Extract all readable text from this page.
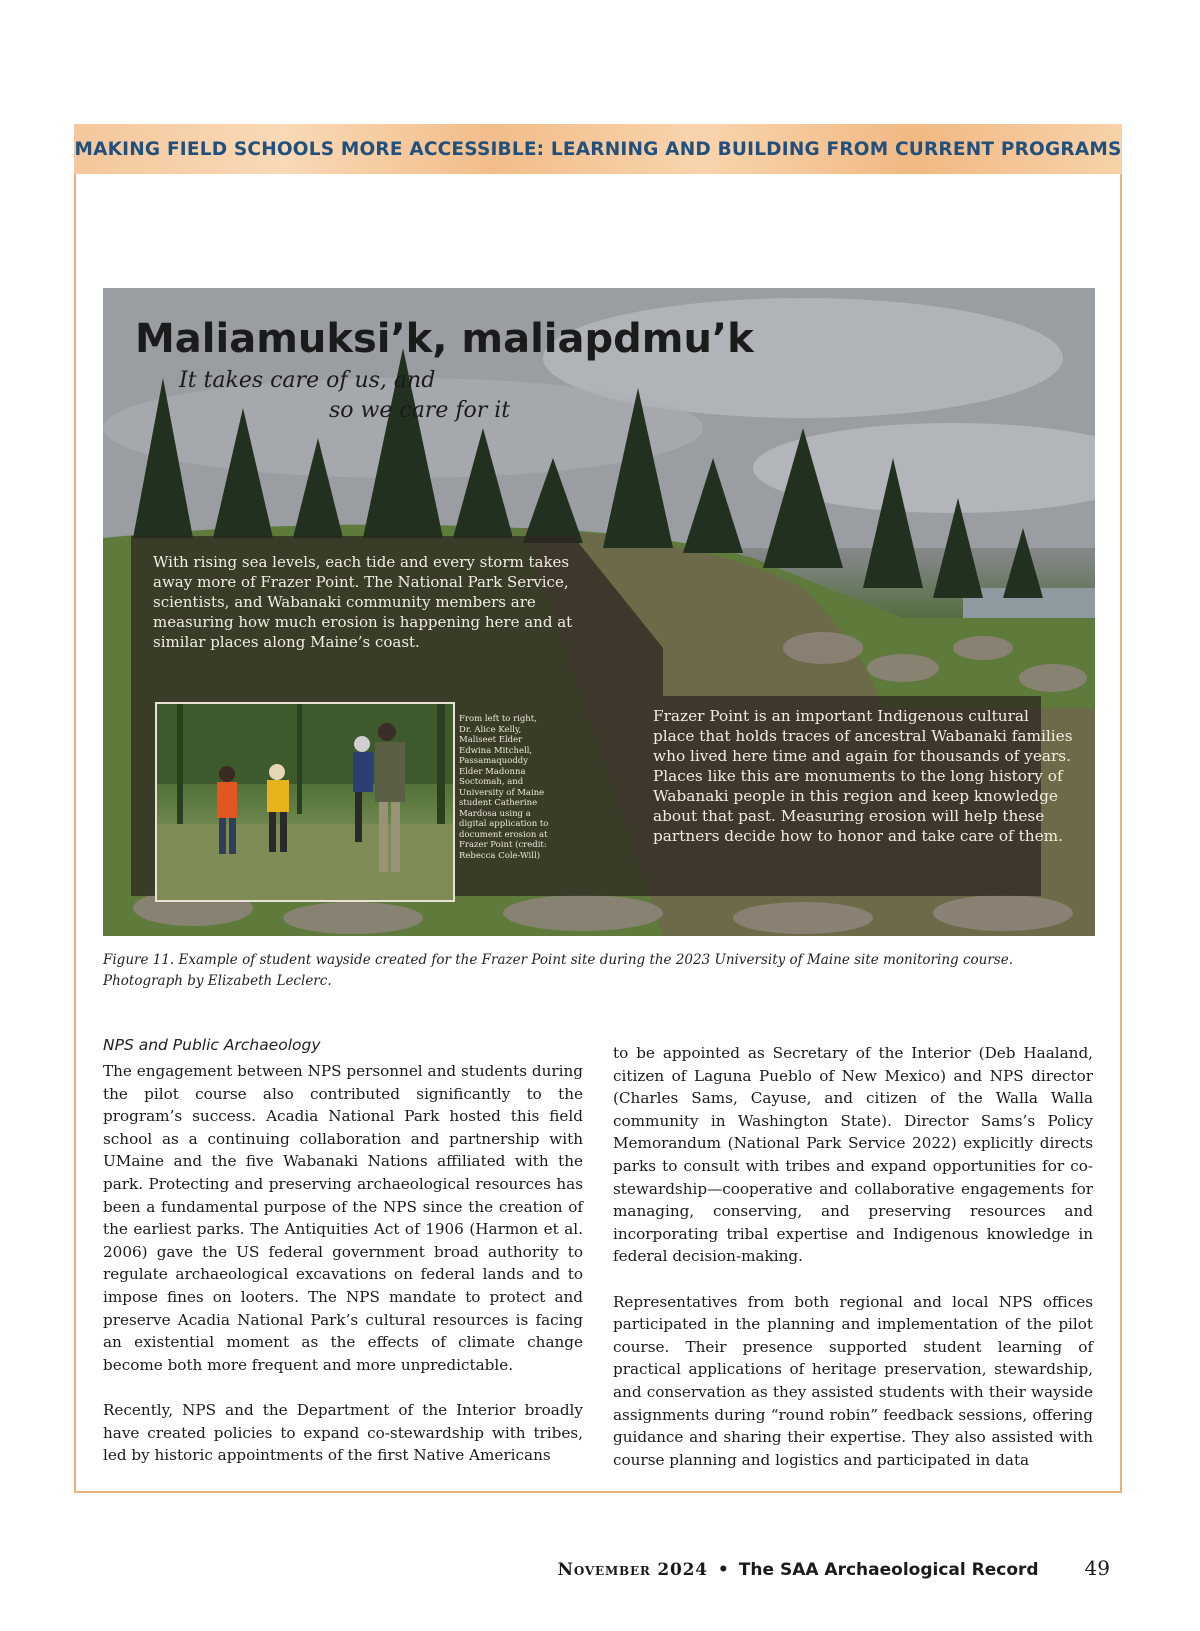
MAKING FIELD SCHOOLS MORE ACCESSIBLE: LEARNING AND BUILDING FROM CURRENT PROGRAMS
Maliamuksi’k, maliapdmu’k
It takes care of us, and
so we care for it
With rising sea levels, each tide and every storm takes away more of Frazer Point. The National Park Service, scientists, and Wabanaki community members are measuring how much erosion is happening here and at similar places along Maine’s coast.
From left to right, Dr. Alice Kelly, Maliseet Elder Edwina Mitchell, Passamaquoddy Elder Madonna Soctomah, and University of Maine student Catherine Mardosa using a digital application to document erosion at Frazer Point (credit: Rebecca Cole-Will)
Frazer Point is an important Indigenous cultural place that holds traces of ancestral Wabanaki families who lived here time and again for thousands of years. Places like this are monuments to the long history of Wabanaki people in this region and keep knowledge about that past. Measuring erosion will help these partners decide how to honor and take care of them.
Figure 11. Example of student wayside created for the Frazer Point site during the 2023 University of Maine site monitoring course. Photograph by Elizabeth Leclerc.
NPS and Public Archaeology

The engagement between NPS personnel and students during the pilot course also contributed significantly to the program’s success. Acadia National Park hosted this field school as a continuing collaboration and partnership with UMaine and the five Wabanaki Nations affiliated with the park. Protecting and preserving archaeological resources has been a fundamental purpose of the NPS since the creation of the earliest parks. The Antiquities Act of 1906 (Harmon et al. 2006) gave the US federal government broad authority to regulate archaeological excavations on federal lands and to impose fines on looters. The NPS mandate to protect and preserve Acadia National Park’s cultural resources is facing an existential moment as the effects of climate change become both more frequent and more unpredictable.

Recently, NPS and the Department of the Interior broadly have created policies to expand co-stewardship with tribes, led by historic appointments of the first Native Americans

to be appointed as Secretary of the Interior (Deb Haaland, citizen of Laguna Pueblo of New Mexico) and NPS director (Charles Sams, Cayuse, and citizen of the Walla Walla community in Washington State). Director Sams’s Policy Memorandum (National Park Service 2022) explicitly directs parks to consult with tribes and expand opportunities for co-stewardship—cooperative and collaborative engagements for managing, conserving, and preserving resources and incorporating tribal expertise and Indigenous knowledge in federal decision-making.

Representatives from both regional and local NPS offices participated in the planning and implementation of the pilot course. Their presence supported student learning of practical applications of heritage preservation, stewardship, and conservation as they assisted students with their wayside assignments during “round robin” feedback sessions, offering guidance and sharing their expertise. They also assisted with course planning and logistics and participated in data

November 2024 • The SAA Archaeological Record 49
